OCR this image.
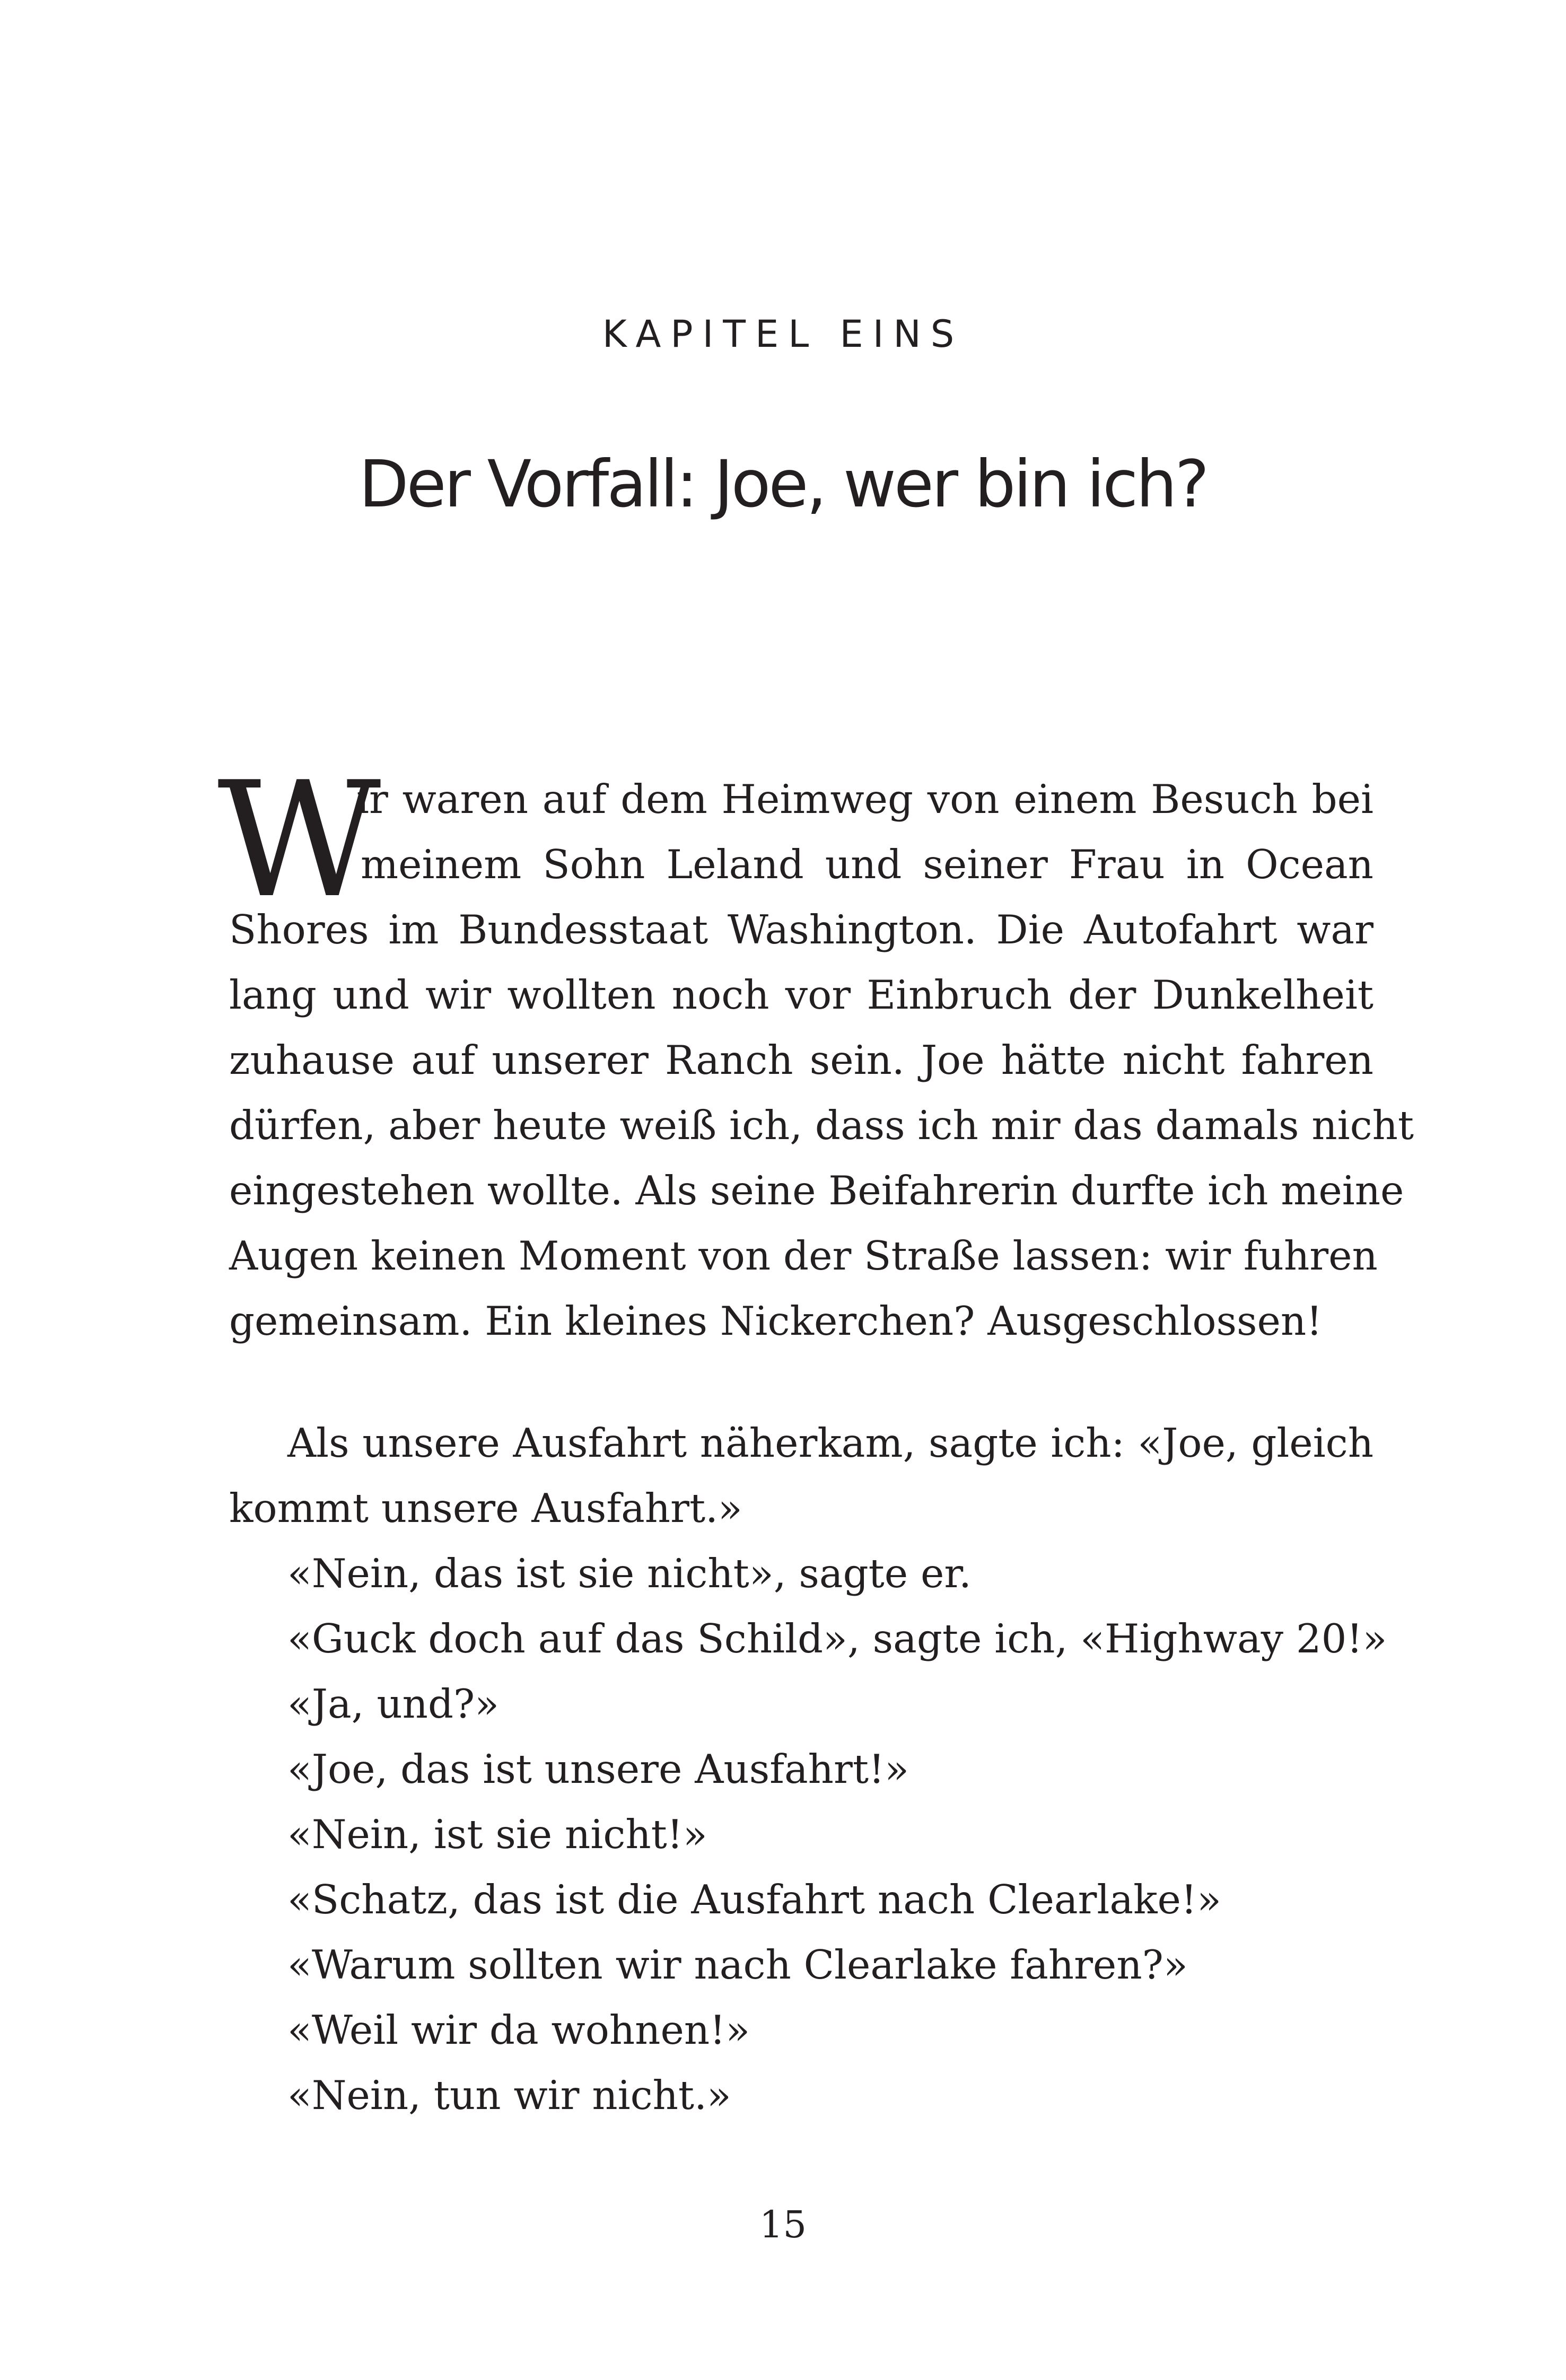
KAPITEL EINS
Der Vorfall: Joe, wer bin ich?
W
ir waren auf dem Heimweg von einem Besuch bei
meinem Sohn Leland und seiner Frau in Ocean
Shores im Bundesstaat Washington. Die Autofahrt war
lang und wir wollten noch vor Einbruch der Dunkelheit
zuhause auf unserer Ranch sein. Joe hätte nicht fahren
dürfen, aber heute weiß ich, dass ich mir das damals nicht
eingestehen wollte. Als seine Beifahrerin durfte ich meine
Augen keinen Moment von der Straße lassen: wir fuhren
gemeinsam. Ein kleines Nickerchen? Ausgeschlossen!
Als unsere Ausfahrt näherkam, sagte ich: «Joe, gleich
kommt unsere Ausfahrt.»
«Nein, das ist sie nicht», sagte er.
«Guck doch auf das Schild», sagte ich, «Highway 20!»
«Ja, und?»
«Joe, das ist unsere Ausfahrt!»
«Nein, ist sie nicht!»
«Schatz, das ist die Ausfahrt nach Clearlake!»
«Warum sollten wir nach Clearlake fahren?»
«Weil wir da wohnen!»
«Nein, tun wir nicht.»
15
